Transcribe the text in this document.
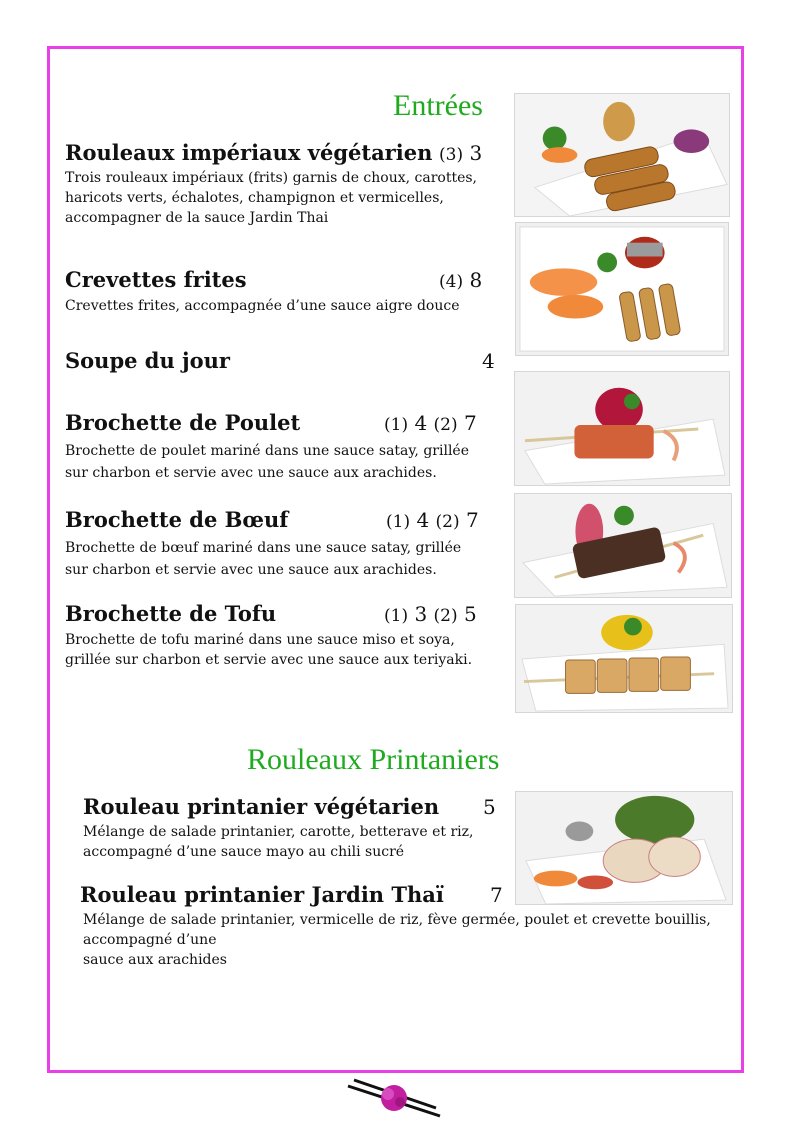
Entrées
Rouleaux impériaux végétarien (3) 3
Trois rouleaux impériaux (frits) garnis de choux, carottes, haricots verts, échalotes, champignon et vermicelles, accompagner de la sauce Jardin Thai
Crevettes frites	(4) 8
Crevettes frites, accompagnée d’une sauce aigre douce
Soupe du jour	4
Brochette de Poulet	(1) 4 (2) 7
Brochette de poulet mariné dans une sauce satay, grillée sur charbon et servie avec une sauce aux arachides.
Brochette de Bœuf	(1) 4 (2) 7
Brochette de bœuf mariné dans une sauce satay, grillée sur charbon et servie avec une sauce aux arachides.
Brochette de Tofu	(1) 3 (2) 5
Brochette de tofu mariné dans une sauce miso et soya, grillée sur charbon et servie avec une sauce aux teriyaki.
Rouleaux Printaniers
Rouleau printanier végétarien 5
Mélange de salade printanier, carotte, betterave et riz, accompagné d’une sauce mayo au chili sucré
Rouleau printanier Jardin Thaï 7
Mélange de salade printanier, vermicelle de riz, fève germée, poulet et crevette bouillis, accompagné d’une
sauce aux arachides
